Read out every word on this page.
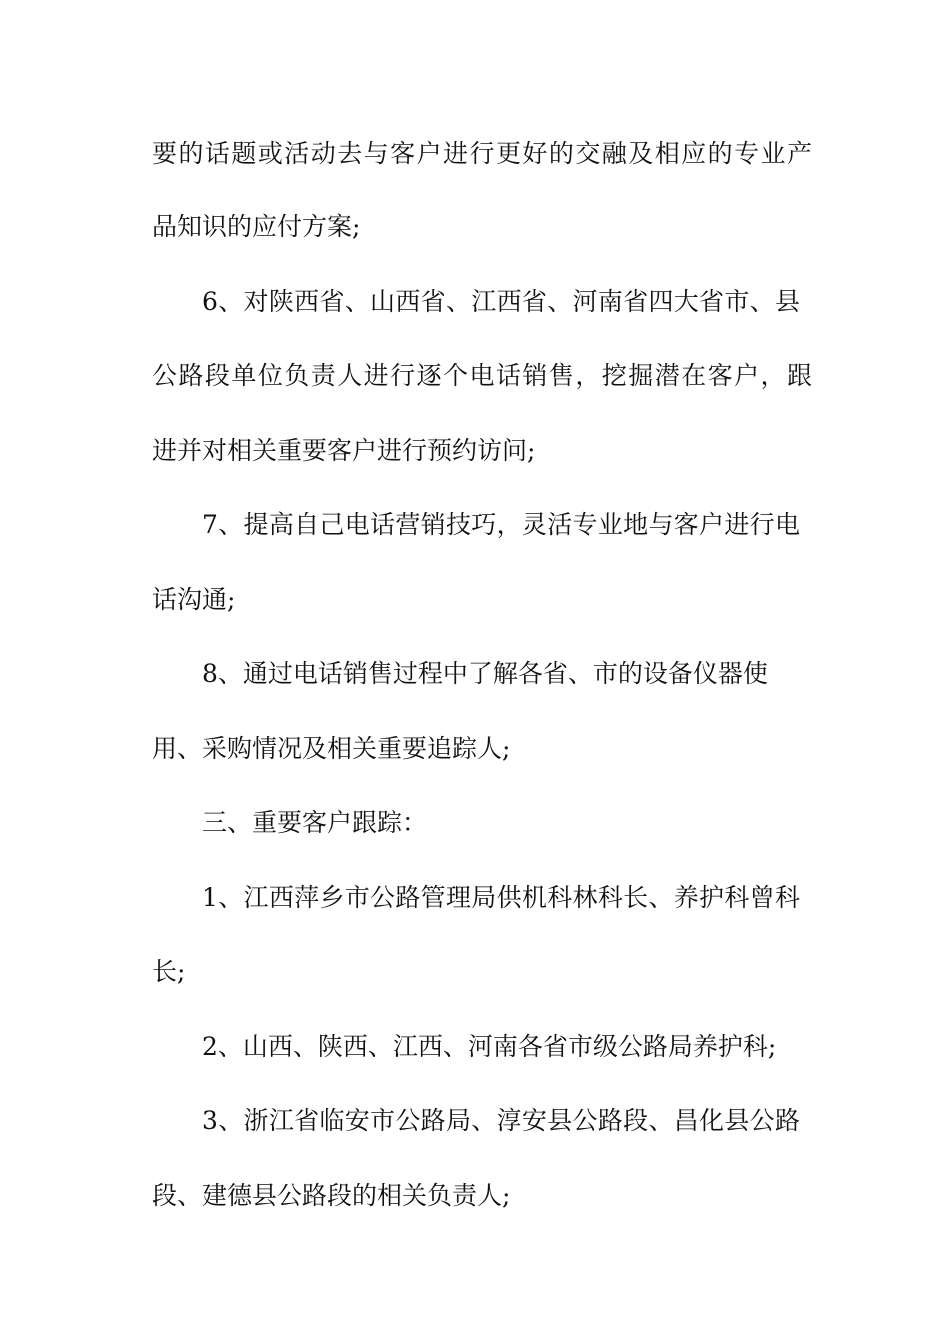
要的话题或活动去与客户进行更好的交融及相应的专业产
品知识的应付方案;
6、对陕西省、山西省、江西省、河南省四大省市、县
公路段单位负责人进行逐个电话销售，挖掘潜在客户，跟
进并对相关重要客户进行预约访问;
7、提高自己电话营销技巧，灵活专业地与客户进行电
话沟通;
8、通过电话销售过程中了解各省、市的设备仪器使
用、采购情况及相关重要追踪人;
三、重要客户跟踪：
1、江西萍乡市公路管理局供机科林科长、养护科曾科
长;
2、山西、陕西、江西、河南各省市级公路局养护科;
3、浙江省临安市公路局、淳安县公路段、昌化县公路
段、建德县公路段的相关负责人;
